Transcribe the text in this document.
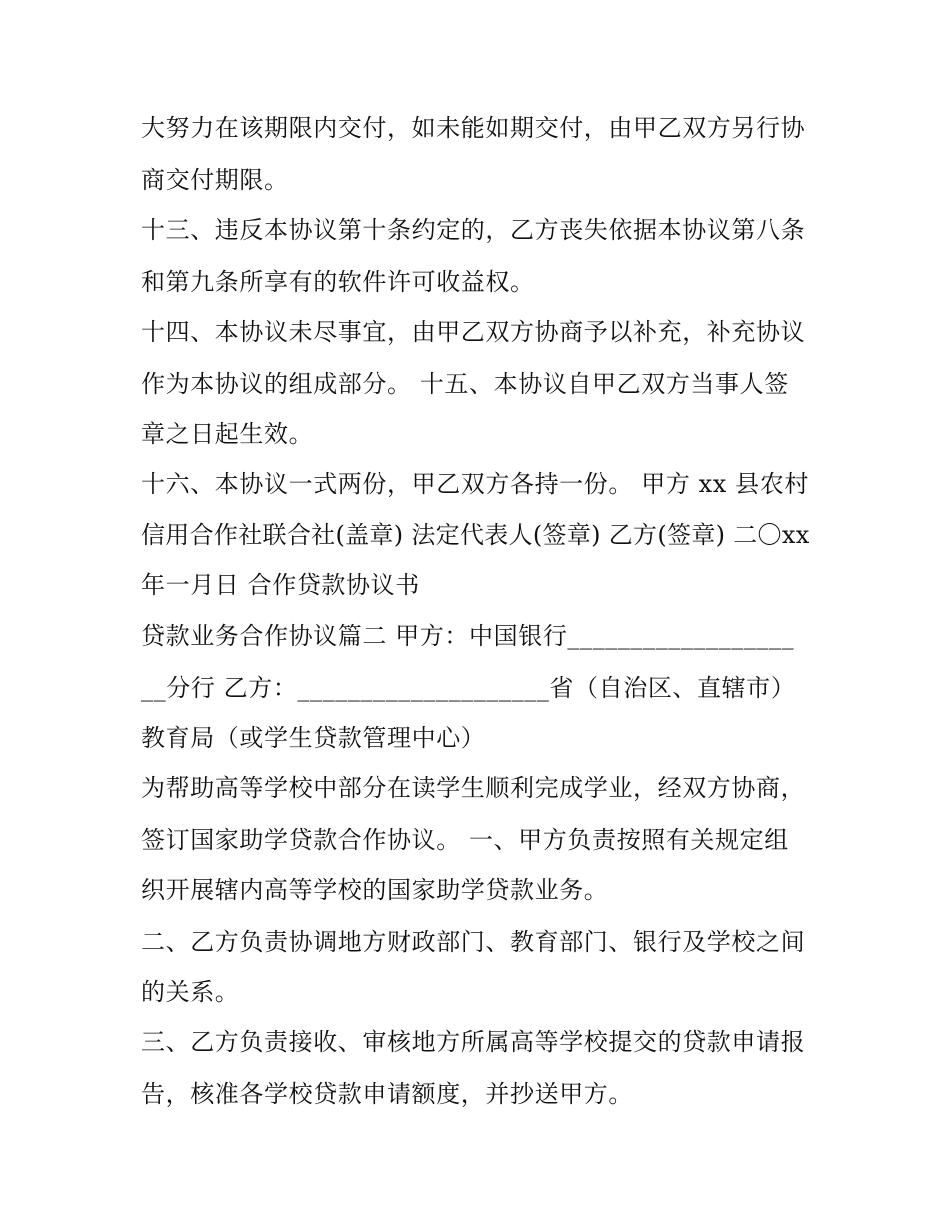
大努力在该期限内交付，如未能如期交付，由甲乙双方另行协
商交付期限。
十三、违反本协议第十条约定的，乙方丧失依据本协议第八条
和第九条所享有的软件许可收益权。
十四、本协议未尽事宜，由甲乙双方协商予以补充，补充协议
作为本协议的组成部分。 十五、本协议自甲乙双方当事人签
章之日起生效。
十六、本协议一式两份，甲乙双方各持一份。 甲方 xx 县农村
信用合作社联合社(盖章) 法定代表人(签章) 乙方(签章) 二〇xx
年一月日 合作贷款协议书
贷款业务合作协议篇二 甲方：中国银行__________________
__分行 乙方：____________________省（自治区、直辖市）
教育局（或学生贷款管理中心）
为帮助高等学校中部分在读学生顺利完成学业，经双方协商，
签订国家助学贷款合作协议。 一、甲方负责按照有关规定组
织开展辖内高等学校的国家助学贷款业务。
二、乙方负责协调地方财政部门、教育部门、银行及学校之间
的关系。
三、乙方负责接收、审核地方所属高等学校提交的贷款申请报
告，核准各学校贷款申请额度，并抄送甲方。
